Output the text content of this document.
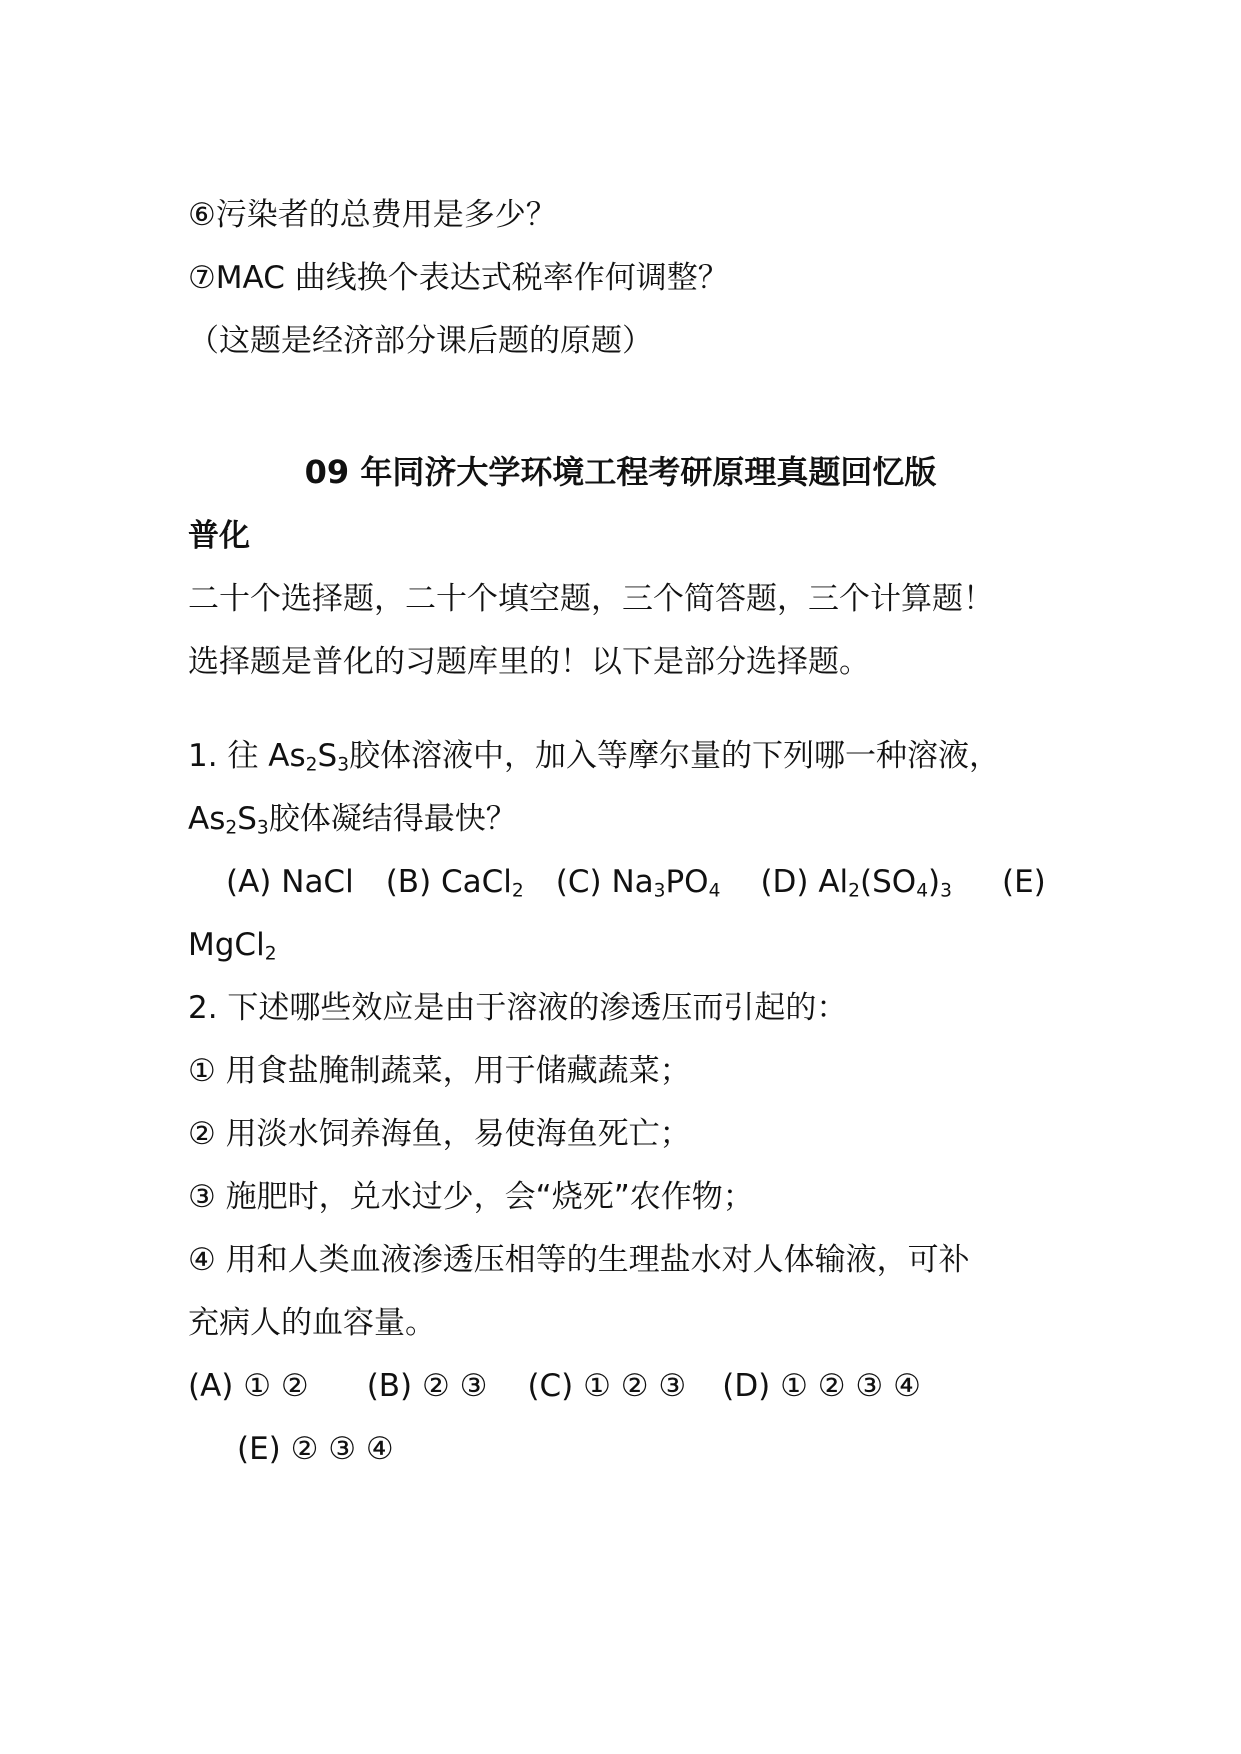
⑥污染者的总费用是多少？
⑦MAC 曲线换个表达式税率作何调整？
（这题是经济部分课后题的原题）
09 年同济大学环境工程考研原理真题回忆版
普化
二十个选择题，二十个填空题，三个简答题，三个计算题！
选择题是普化的习题库里的！以下是部分选择题。
1. 往 $As_2S_3$胶体溶液中，加入等摩尔量的下列哪一种溶液，
$As_2S_3$胶体凝结得最快？
(A) NaCl (B) CaCl$_2$ (C) $Na_3PO_4$ (D) $Al_2(SO_4)_3$ (E)
MgCl$_2$
2. 下述哪些效应是由于溶液的渗透压而引起的：
① 用食盐腌制蔬菜，用于储藏蔬菜；
② 用淡水饲养海鱼，易使海鱼死亡；
③ 施肥时，兑水过少，会“烧死”农作物；
④ 用和人类血液渗透压相等的生理盐水对人体输液，可补
充病人的血容量。
(A) ① ② (B) ② ③ (C) ① ② ③ (D) ① ② ③ ④
(E) ② ③ ④
